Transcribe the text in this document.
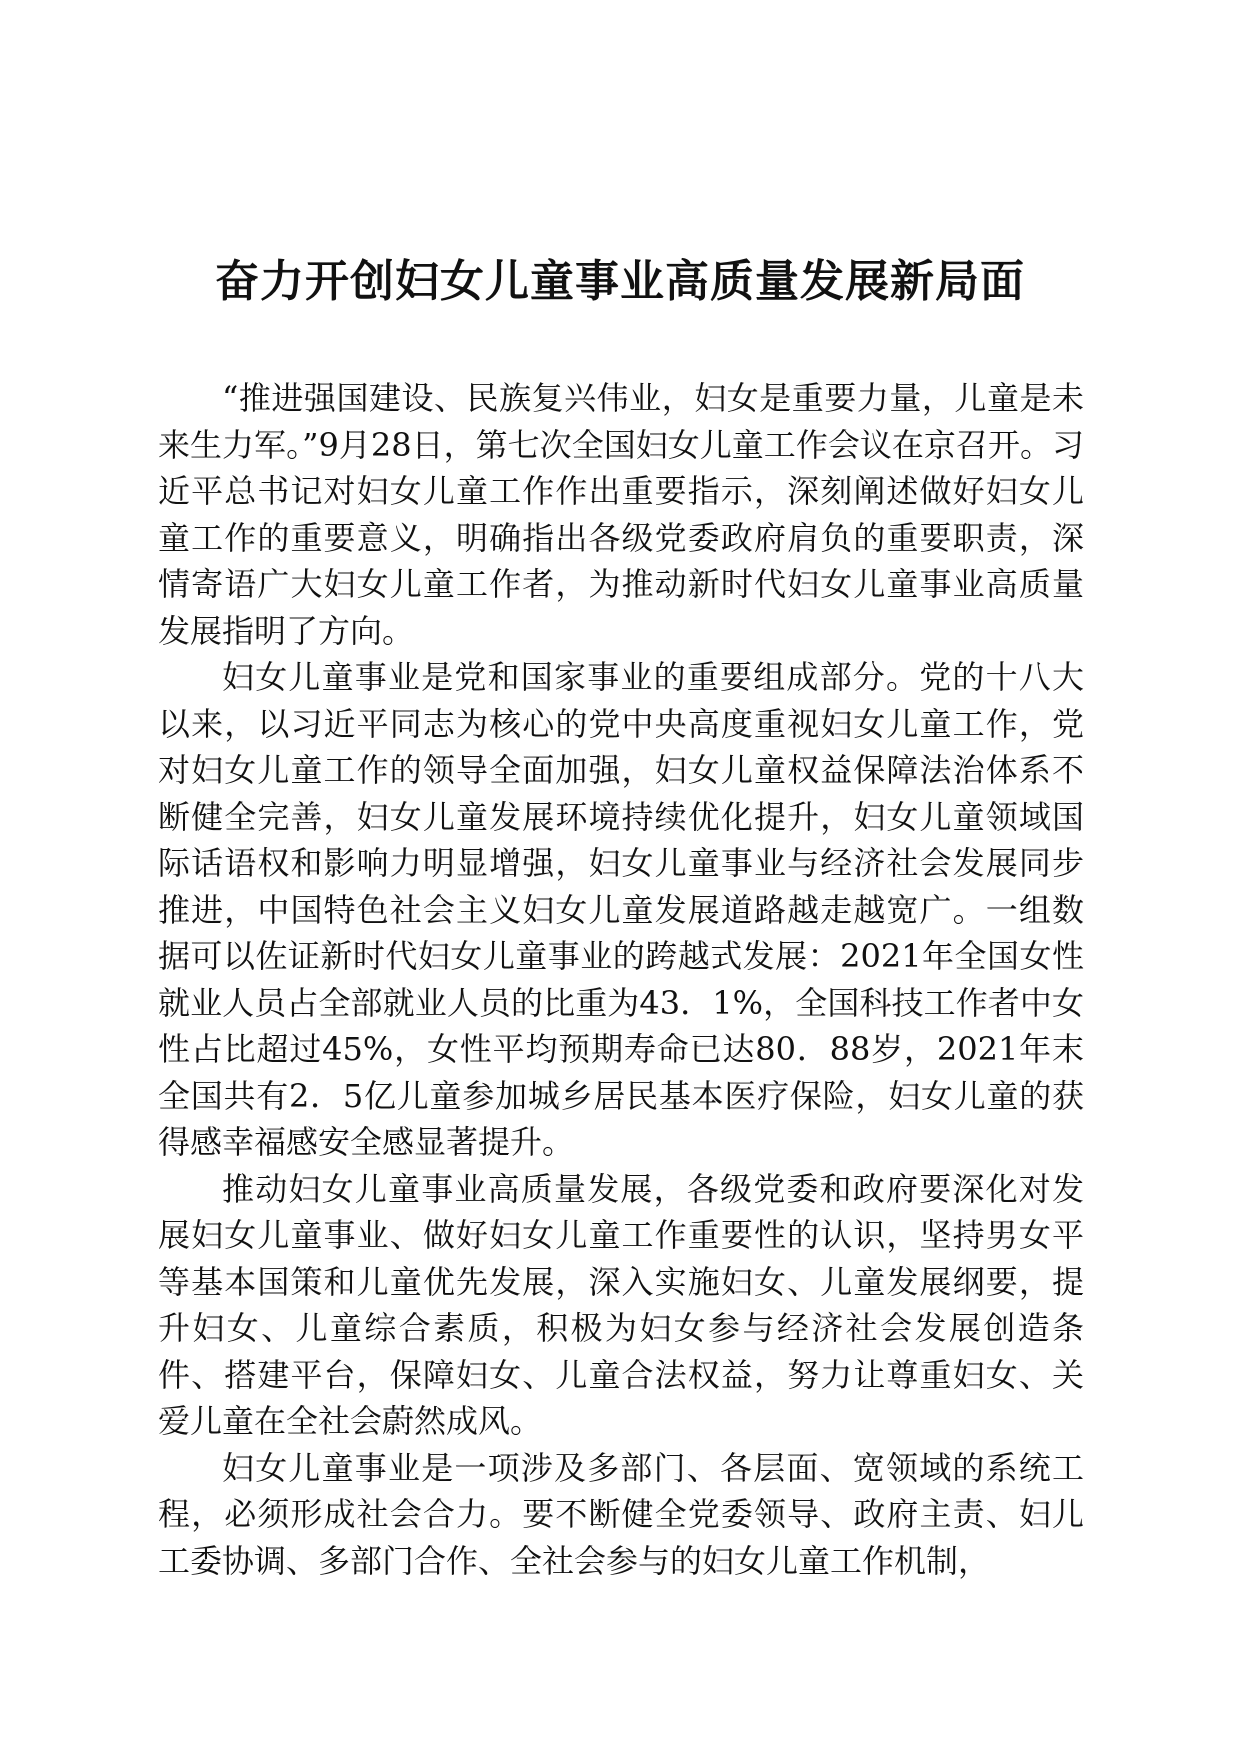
奋力开创妇女儿童事业高质量发展新局面

“推进强国建设、民族复兴伟业，妇女是重要力量，儿童是未来生力军。”9月28日，第七次全国妇女儿童工作会议在京召开。习近平总书记对妇女儿童工作作出重要指示，深刻阐述做好妇女儿童工作的重要意义，明确指出各级党委政府肩负的重要职责，深情寄语广大妇女儿童工作者，为推动新时代妇女儿童事业高质量发展指明了方向。

妇女儿童事业是党和国家事业的重要组成部分。党的十八大以来，以习近平同志为核心的党中央高度重视妇女儿童工作，党对妇女儿童工作的领导全面加强，妇女儿童权益保障法治体系不断健全完善，妇女儿童发展环境持续优化提升，妇女儿童领域国际话语权和影响力明显增强，妇女儿童事业与经济社会发展同步推进，中国特色社会主义妇女儿童发展道路越走越宽广。一组数据可以佐证新时代妇女儿童事业的跨越式发展：2021年全国女性就业人员占全部就业人员的比重为43．1%，全国科技工作者中女性占比超过45%，女性平均预期寿命已达80．88岁，2021年末全国共有2．5亿儿童参加城乡居民基本医疗保险，妇女儿童的获得感幸福感安全感显著提升。

推动妇女儿童事业高质量发展，各级党委和政府要深化对发展妇女儿童事业、做好妇女儿童工作重要性的认识，坚持男女平等基本国策和儿童优先发展，深入实施妇女、儿童发展纲要，提升妇女、儿童综合素质，积极为妇女参与经济社会发展创造条件、搭建平台，保障妇女、儿童合法权益，努力让尊重妇女、关爱儿童在全社会蔚然成风。

妇女儿童事业是一项涉及多部门、各层面、宽领域的系统工程，必须形成社会合力。要不断健全党委领导、政府主责、妇儿工委协调、多部门合作、全社会参与的妇女儿童工作机制，
